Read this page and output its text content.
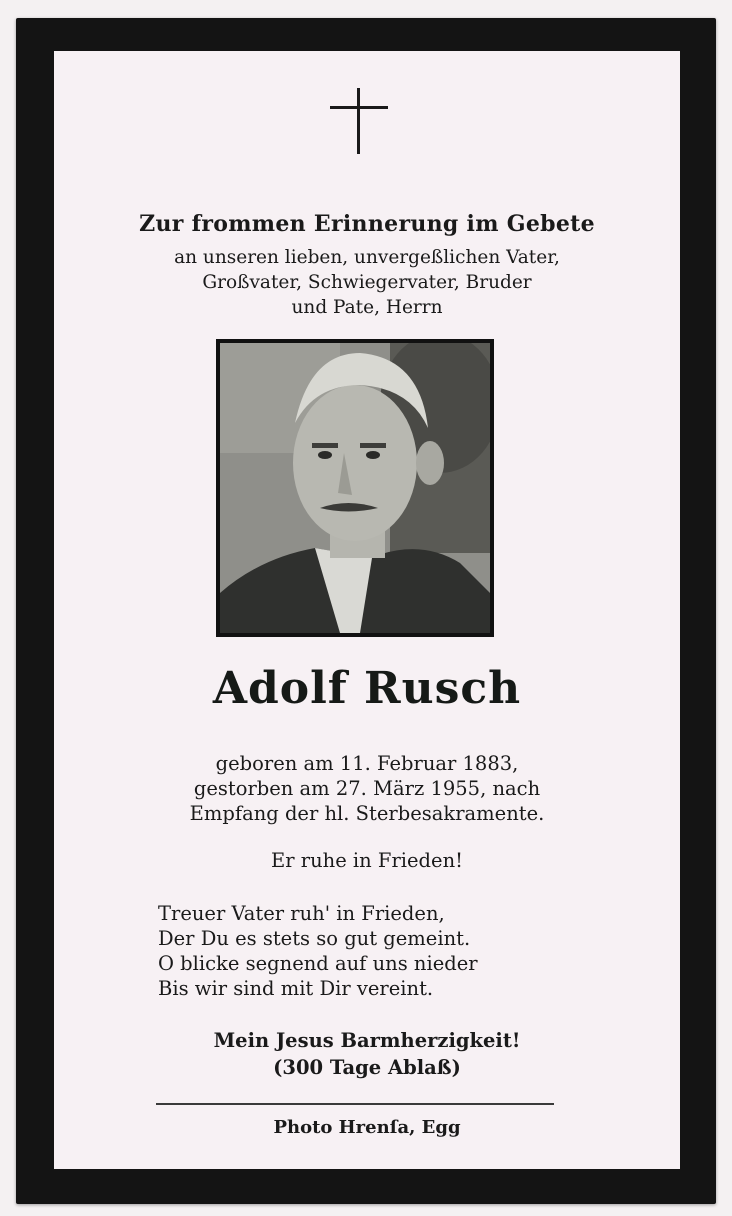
Zur frommen Erinnerung im Gebete
an unseren lieben, unvergeßlichen Vater,
Großvater, Schwiegervater, Bruder
und Pate, Herrn
Adolf Rusch
geboren am 11. Februar 1883,
gestorben am 27. März 1955, nach
Empfang der hl. Sterbesakramente.
Er ruhe in Frieden!
Treuer Vater ruh' in Frieden,
Der Du es stets so gut gemeint.
O blicke segnend auf uns nieder
Bis wir sind mit Dir vereint.
Mein Jesus Barmherzigkeit!
(300 Tage Ablaß)
Photo Hrenſa, Egg
